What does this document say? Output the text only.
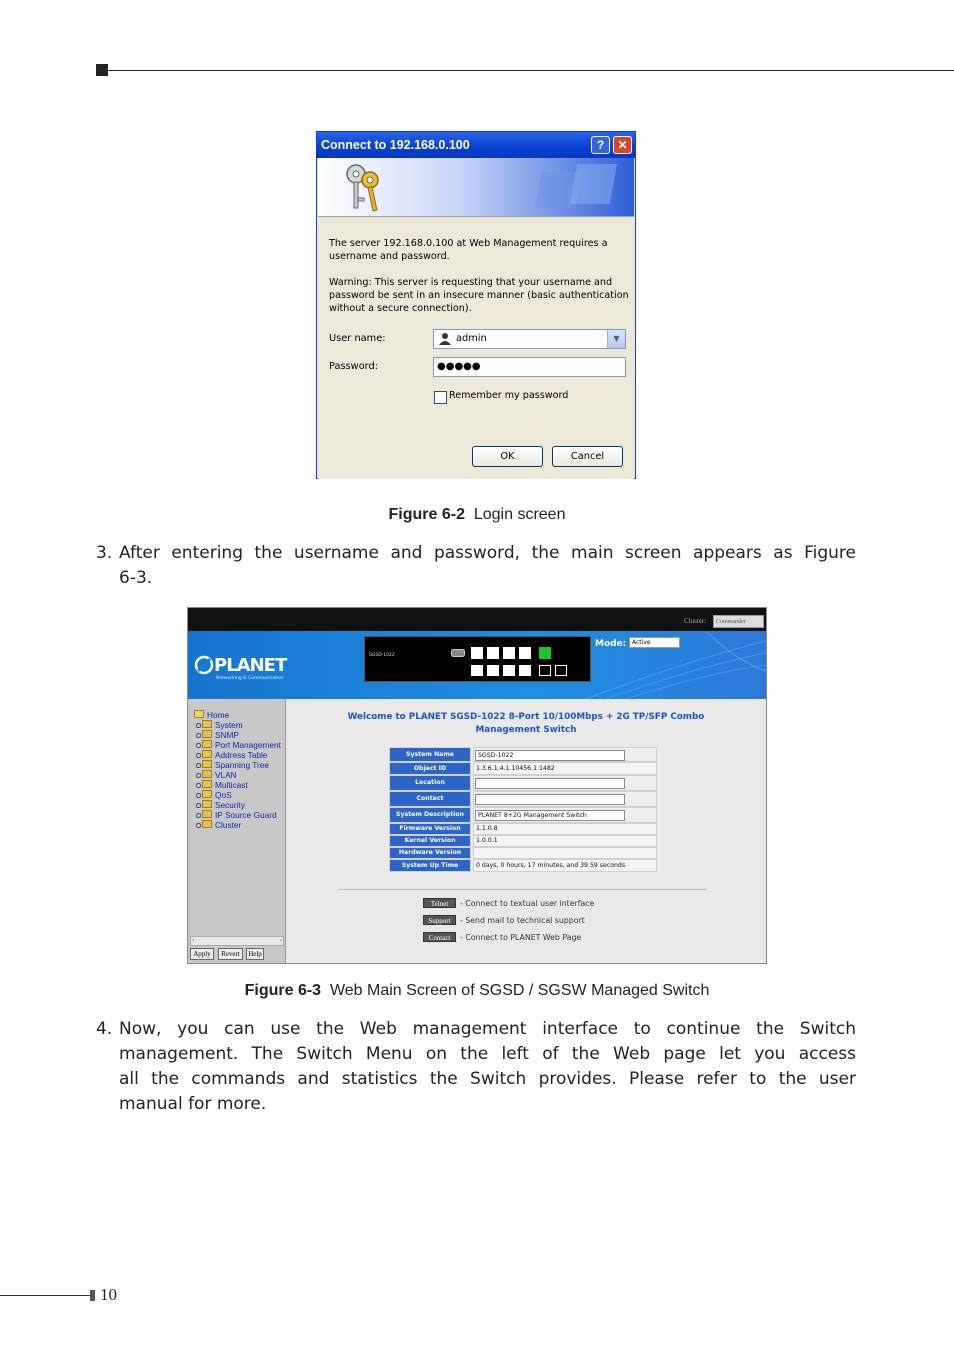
Connect to 192.168.0.100	?	✕
The server 192.168.0.100 at Web Management requires a
username and password.
Warning: This server is requesting that your username and
password be sent in an insecure manner (basic authentication
without a secure connection).
User name:	admin	▼
Password:	●●●●●
Remember my password
OK	Cancel
Figure 6-2 Login screen
3. After entering the username and password, the main screen appears as Figure
6-3.
Cluster:	Commander
PLANET
Networking & Communication
SGSD-1022
Mode: Active
Home
System
SNMP
Port Management
Address Table
Spanning Tree
VLAN
Multicast
QoS
Security
IP Source Guard
Cluster
‹	›
Apply	Revert	Help
Welcome to PLANET SGSD-1022 8-Port 10/100Mbps + 2G TP/SFP Combo
Management Switch
System Name	SGSD-1022
Object ID	1.3.6.1.4.1.10456.1.1482
Location
Contact
System Description	PLANET 8+2G Management Switch
Firmware Version	1.1.0.8
Kernel Version	1.0.0.1
Hardware Version
System Up Time	0 days, 0 hours, 17 minutes, and 39.59 seconds
Telnet - Connect to textual user interface
Support - Send mail to technical support
Contact - Connect to PLANET Web Page
Figure 6-3 Web Main Screen of SGSD / SGSW Managed Switch
4. Now, you can use the Web management interface to continue the Switch
management. The Switch Menu on the left of the Web page let you access
all the commands and statistics the Switch provides. Please refer to the user
manual for more.
10
